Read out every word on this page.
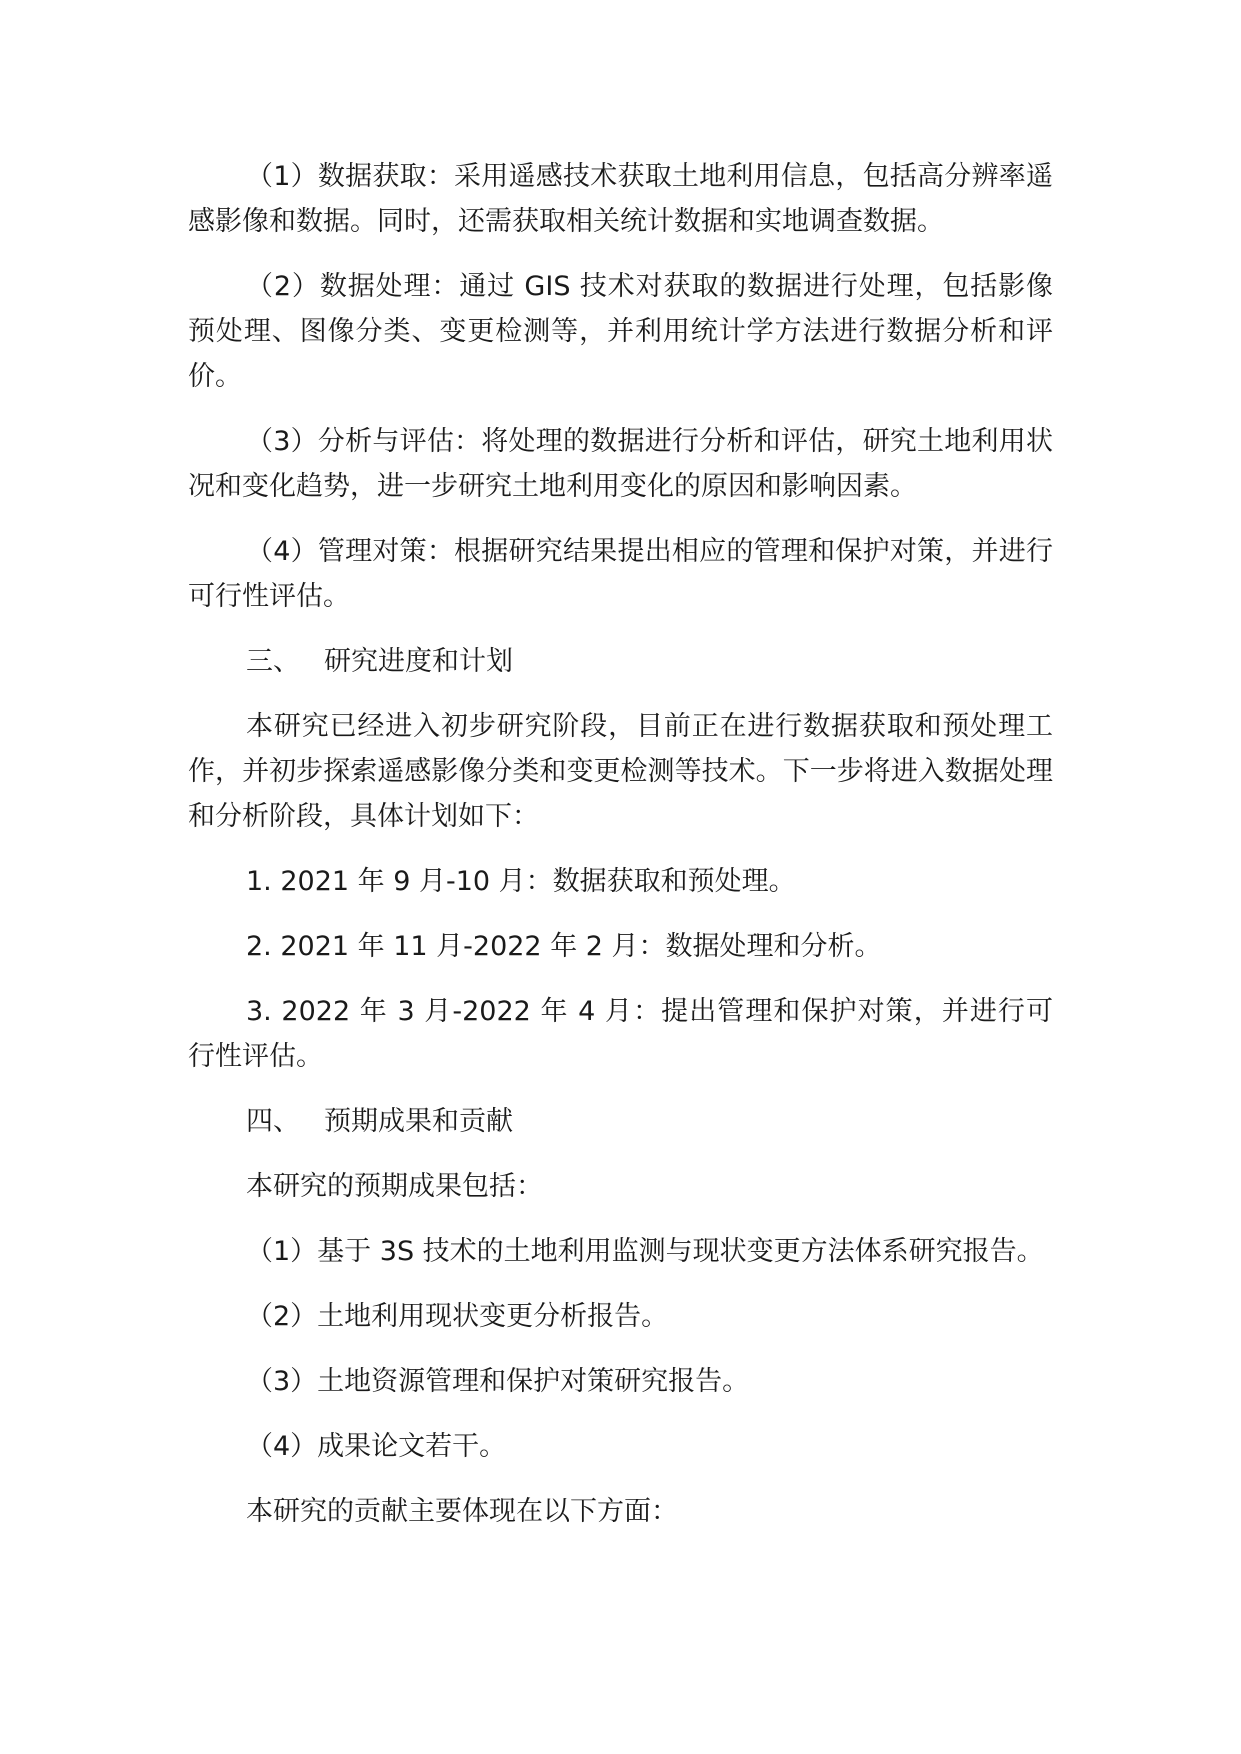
（1）数据获取：采用遥感技术获取土地利用信息，包括高分辨率遥感影像和数据。同时，还需获取相关统计数据和实地调查数据。

（2）数据处理：通过 GIS 技术对获取的数据进行处理，包括影像预处理、图像分类、变更检测等，并利用统计学方法进行数据分析和评价。

（3）分析与评估：将处理的数据进行分析和评估，研究土地利用状况和变化趋势，进一步研究土地利用变化的原因和影响因素。

（4）管理对策：根据研究结果提出相应的管理和保护对策，并进行可行性评估。

三、 研究进度和计划

本研究已经进入初步研究阶段，目前正在进行数据获取和预处理工作，并初步探索遥感影像分类和变更检测等技术。下一步将进入数据处理和分析阶段，具体计划如下：

1. 2021 年 9 月-10 月：数据获取和预处理。

2. 2021 年 11 月-2022 年 2 月：数据处理和分析。

3. 2022 年 3 月-2022 年 4 月：提出管理和保护对策，并进行可行性评估。

四、 预期成果和贡献

本研究的预期成果包括：

（1）基于 3S 技术的土地利用监测与现状变更方法体系研究报告。

（2）土地利用现状变更分析报告。

（3）土地资源管理和保护对策研究报告。

（4）成果论文若干。

本研究的贡献主要体现在以下方面：
